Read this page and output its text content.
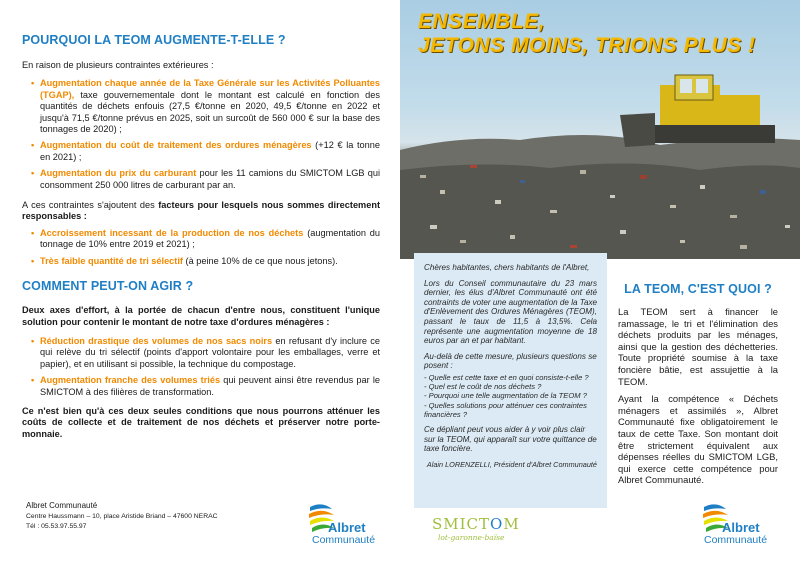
POURQUOI LA TEOM AUGMENTE-T-ELLE ?

En raison de plusieurs contraintes extérieures :

• Augmentation chaque année de la Taxe Générale sur les Activités Polluantes (TGAP), taxe gouvernementale dont le montant est calculé en fonction des quantités de déchets enfouis (27,5 €/tonne en 2020, 49,5 €/tonne en 2022 et jusqu'à 71,5 €/tonne prévus en 2025, soit un surcoût de 560 000 € sur la base des tonnages de 2020) ;
• Augmentation du coût de traitement des ordures ménagères (+12 € la tonne en 2021) ;
• Augmentation du prix du carburant pour les 11 camions du SMICTOM LGB qui consomment 250 000 litres de carburant par an.

A ces contraintes s'ajoutent des facteurs pour lesquels nous sommes directement responsables :

• Accroissement incessant de la production de nos déchets (augmentation du tonnage de 10% entre 2019 et 2021) ;
• Très faible quantité de tri sélectif (à peine 10% de ce que nous jetons).
COMMENT PEUT-ON AGIR ?

Deux axes d'effort, à la portée de chacun d'entre nous, constituent l'unique solution pour contenir le montant de notre taxe d'ordures ménagères :

• Réduction drastique des volumes de nos sacs noirs en refusant d'y inclure ce qui relève du tri sélectif (points d'apport volontaire pour les emballages, verre et papier), et en utilisant si possible, la technique du compostage.
• Augmentation franche des volumes triés qui peuvent ainsi être revendus par le SMICTOM à des filières de transformation.

Ce n'est bien qu'à ces deux seules conditions que nous pourrons atténuer les coûts de collecte et de traitement de nos déchets et préserver notre porte-monnaie.

Albret Communauté
Centre Haussmann – 10, place Aristide Briand – 47600 NERAC
Tél : 05.53.97.55.97	Albret
Communauté
ENSEMBLE,
JETONS MOINS, TRIONS PLUS !

Chères habitantes, chers habitants de l'Albret,

Lors du Conseil communautaire du 23 mars dernier, les élus d'Albret Communauté ont été contraints de voter une augmentation de la Taxe d'Enlèvement des Ordures Ménagères (TEOM), passant le taux de 11,5 à 13,5%. Cela représente une augmentation moyenne de 18 euros par an et par habitant.

Au-delà de cette mesure, plusieurs questions se posent :

- Quelle est cette taxe et en quoi consiste-t-elle ?

- Quel est le coût de nos déchets ?

- Pourquoi une telle augmentation de la TEOM ?

- Quelles solutions pour atténuer ces contraintes financières ?

Ce dépliant peut vous aider à y voir plus clair sur la TEOM, qui apparaît sur votre quittance de taxe foncière.

Alain LORENZELLI, Président d'Albret Communauté

SMICTOM
lot-garonne-baïse
LA TEOM, C'EST QUOI ?

La TEOM sert à financer le ramassage, le tri et l'élimination des déchets produits par les ménages, ainsi que la gestion des déchetteries. Toute propriété soumise à la taxe foncière bâtie, est assujettie à la TEOM.

Ayant la compétence « Déchets ménagers et assimilés », Albret Communauté fixe obligatoirement le taux de cette Taxe. Son montant doit être strictement équivalent aux dépenses réelles du SMICTOM LGB, qui exerce cette compétence pour Albret Communauté.

Albret
Communauté
